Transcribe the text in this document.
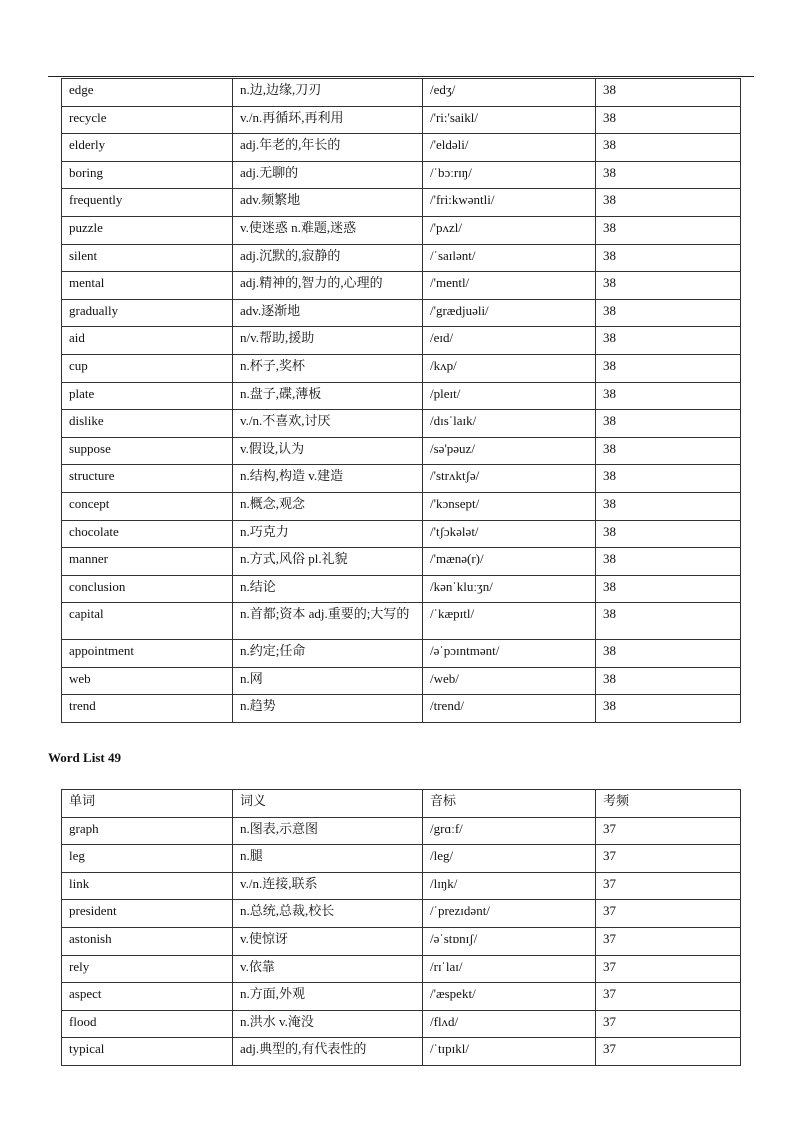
edge	n.边,边缘,刀刃	/edʒ/	38
recycle	v./n.再循环,再利用	/'ri:'saikl/	38
elderly	adj.年老的,年长的	/'eldəli/	38
boring	adj.无聊的	/ˈbɔːrɪŋ/	38
frequently	adv.频繁地	/'fri:kwəntli/	38
puzzle	v.使迷惑 n.难题,迷惑	/'pʌzl/	38
silent	adj.沉默的,寂静的	/ˈsaɪlənt/	38
mental	adj.精神的,智力的,心理的	/'mentl/	38
gradually	adv.逐渐地	/'grædjuəli/	38
aid	n/v.帮助,援助	/eɪd/	38
cup	n.杯子,奖杯	/kʌp/	38
plate	n.盘子,碟,薄板	/pleɪt/	38
dislike	v./n.不喜欢,讨厌	/dɪsˈlaɪk/	38
suppose	v.假设,认为	/sə'pəuz/	38
structure	n.结构,构造 v.建造	/'strʌktʃə/	38
concept	n.概念,观念	/'kɔnsept/	38
chocolate	n.巧克力	/'tʃɔkələt/	38
manner	n.方式,风俗 pl.礼貌	/'mænə(r)/	38
conclusion	n.结论	/kənˈkluːʒn/	38
capital	n.首都;资本 adj.重要的;大写的	/ˈkæpɪtl/	38
appointment	n.约定;任命	/əˈpɔɪntmənt/	38
web	n.网	/web/	38
trend	n.趋势	/trend/	38
Word List 49
单词	词义	音标	考频
graph	n.图表,示意图	/grɑːf/	37
leg	n.腿	/leg/	37
link	v./n.连接,联系	/lɪŋk/	37
president	n.总统,总裁,校长	/ˈprezɪdənt/	37
astonish	v.使惊讶	/əˈstɒnɪʃ/	37
rely	v.依靠	/rɪˈlaɪ/	37
aspect	n.方面,外观	/'æspekt/	37
flood	n.洪水 v.淹没	/flʌd/	37
typical	adj.典型的,有代表性的	/ˈtɪpɪkl/	37
